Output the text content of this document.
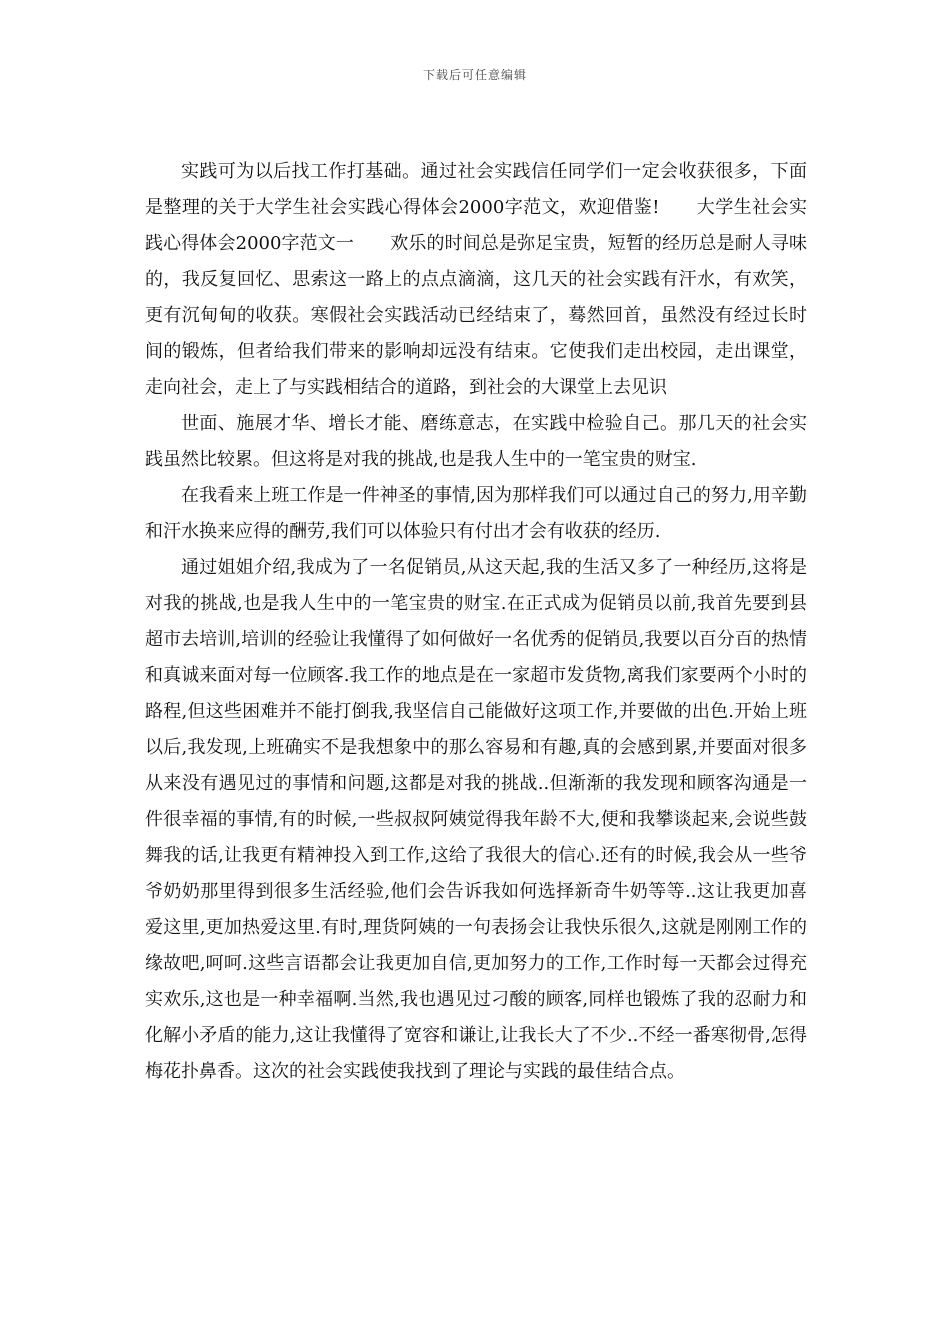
下载后可任意编辑

实践可为以后找工作打基础。通过社会实践信任同学们一定会收获很多，下面是整理的关于大学生社会实践心得体会2000字范文，欢迎借鉴!　　大学生社会实践心得体会2000字范文一　　欢乐的时间总是弥足宝贵，短暂的经历总是耐人寻味的，我反复回忆、思索这一路上的点点滴滴，这几天的社会实践有汗水，有欢笑，更有沉甸甸的收获。寒假社会实践活动已经结束了，蓦然回首，虽然没有经过长时间的锻炼，但者给我们带来的影响却远没有结束。它使我们走出校园，走出课堂，走向社会，走上了与实践相结合的道路，到社会的大课堂上去见识

世面、施展才华、增长才能、磨练意志，在实践中检验自己。那几天的社会实践虽然比较累。但这将是对我的挑战,也是我人生中的一笔宝贵的财宝.

在我看来上班工作是一件神圣的事情,因为那样我们可以通过自己的努力,用辛勤和汗水换来应得的酬劳,我们可以体验只有付出才会有收获的经历.

通过姐姐介绍,我成为了一名促销员,从这天起,我的生活又多了一种经历,这将是对我的挑战,也是我人生中的一笔宝贵的财宝.在正式成为促销员以前,我首先要到县超市去培训,培训的经验让我懂得了如何做好一名优秀的促销员,我要以百分百的热情和真诚来面对每一位顾客.我工作的地点是在一家超市发货物,离我们家要两个小时的路程,但这些困难并不能打倒我,我坚信自己能做好这项工作,并要做的出色.开始上班以后,我发现,上班确实不是我想象中的那么容易和有趣,真的会感到累,并要面对很多从来没有遇见过的事情和问题,这都是对我的挑战..但渐渐的我发现和顾客沟通是一件很幸福的事情,有的时候,一些叔叔阿姨觉得我年龄不大,便和我攀谈起来,会说些鼓舞我的话,让我更有精神投入到工作,这给了我很大的信心.还有的时候,我会从一些爷爷奶奶那里得到很多生活经验,他们会告诉我如何选择新奇牛奶等等..这让我更加喜爱这里,更加热爱这里.有时,理货阿姨的一句表扬会让我快乐很久,这就是刚刚工作的缘故吧,呵呵.这些言语都会让我更加自信,更加努力的工作,工作时每一天都会过得充实欢乐,这也是一种幸福啊.当然,我也遇见过刁酸的顾客,同样也锻炼了我的忍耐力和化解小矛盾的能力,这让我懂得了宽容和谦让,让我长大了不少..不经一番寒彻骨,怎得梅花扑鼻香。这次的社会实践使我找到了理论与实践的最佳结合点。
